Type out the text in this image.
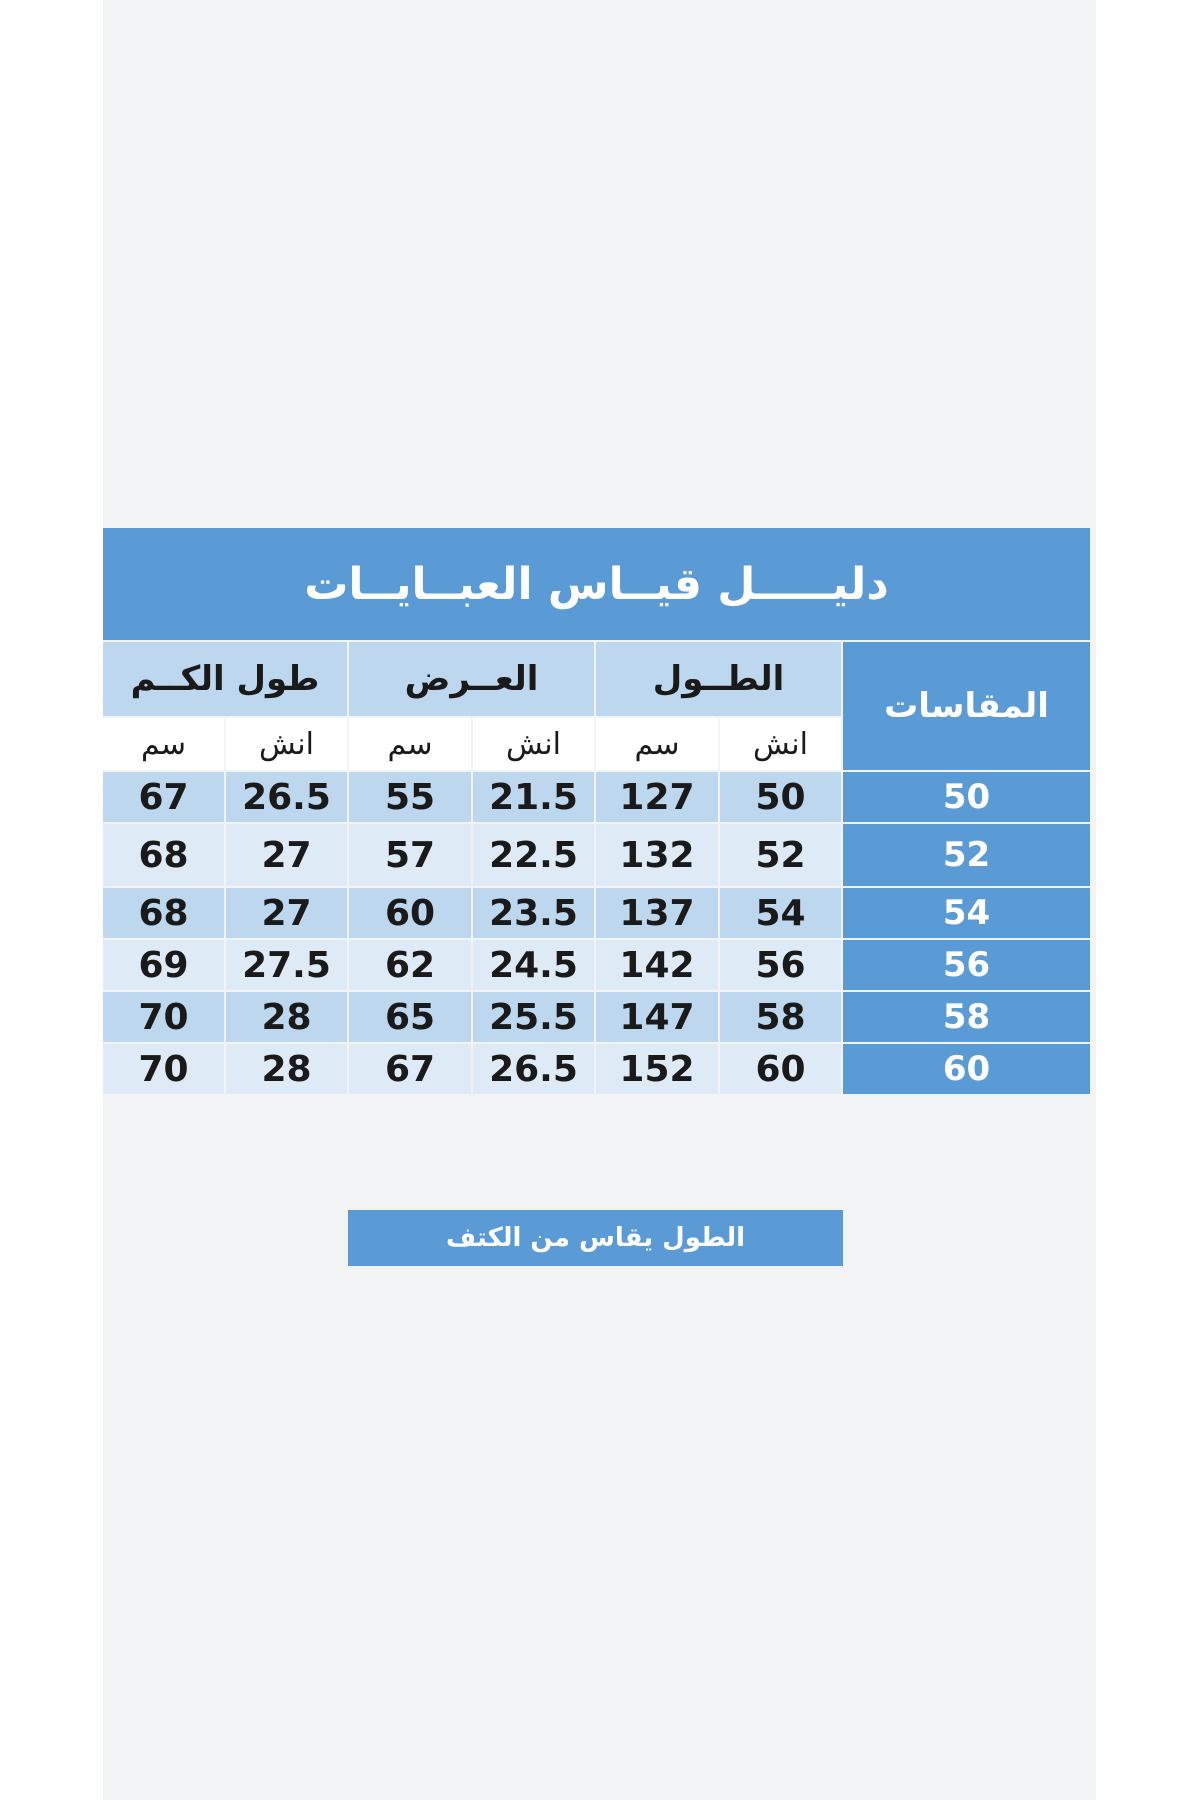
دليـــــل قيــاس العبــايــات
المقاسات
الطــول
العــرض
طول الكــم
انش
سم
انش
سم
انش
سم
50
50
127
21.5
55
26.5
67
52
52
132
22.5
57
27
68
54
54
137
23.5
60
27
68
56
56
142
24.5
62
27.5
69
58
58
147
25.5
65
28
70
60
60
152
26.5
67
28
70
الطول يقاس من الكتف
